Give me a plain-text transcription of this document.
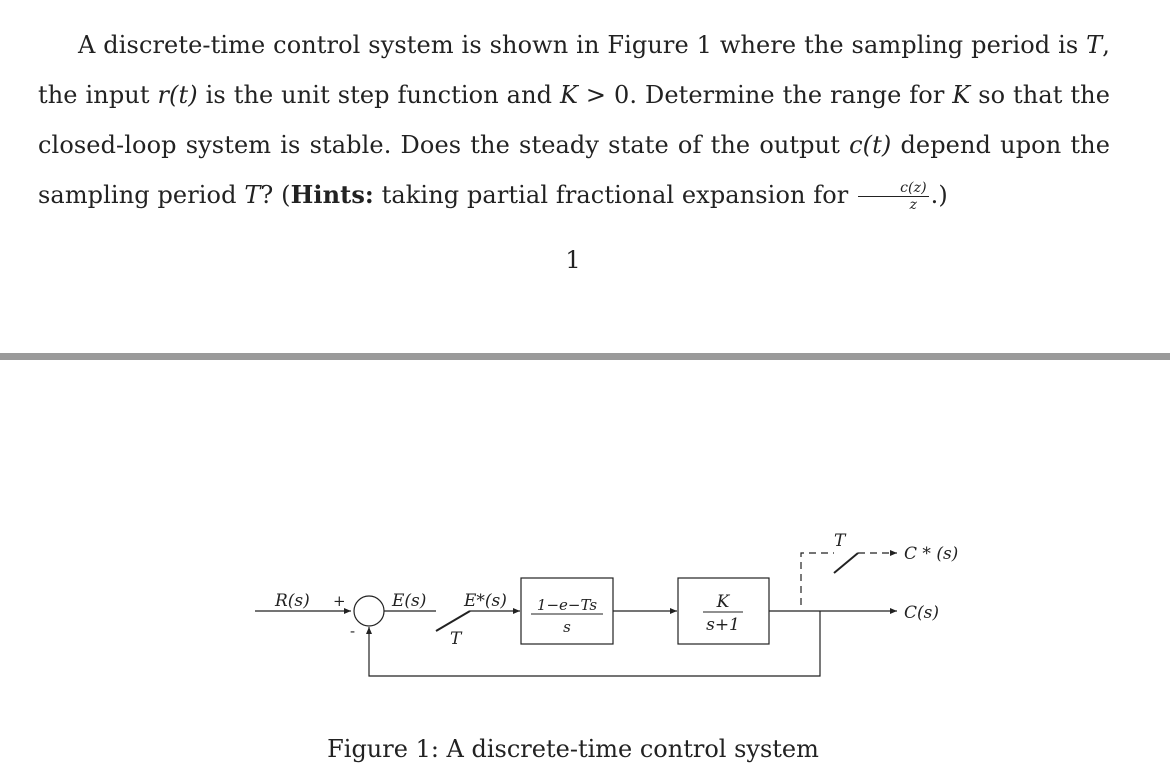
A discrete-time control system is shown in Figure 1 where the sampling period is T, the input r(t) is the unit step function and K > 0. Determine the range for K so that the closed-loop system is stable. Does the steady state of the output c(t) depend upon the sampling period T? (Hints: taking partial fractional expansion for $\frac{c(z)}{z}$ .)
1
R(s) +
-
E(s)
T
E*(s) 1−e−Ts
s
K
s+1
C(s)
T
C * (s)
Figure 1: A discrete-time control system
